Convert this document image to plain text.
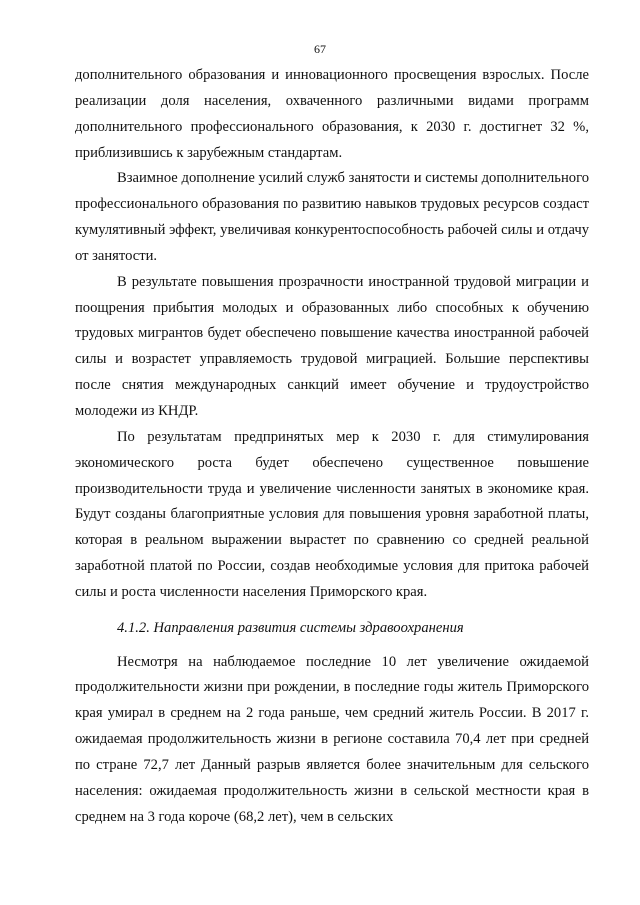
67

дополнительного образования и инновационного просвещения взрослых. После реализации доля населения, охваченного различными видами программ дополнительного профессионального образования, к 2030 г. достигнет 32 %, приблизившись к зарубежным стандартам.

Взаимное дополнение усилий служб занятости и системы дополнительного профессионального образования по развитию навыков трудовых ресурсов создаст кумулятивный эффект, увеличивая конкурентоспособность рабочей силы и отдачу от занятости.

В результате повышения прозрачности иностранной трудовой миграции и поощрения прибытия молодых и образованных либо способных к обучению трудовых мигрантов будет обеспечено повышение качества иностранной рабочей силы и возрастет управляемость трудовой миграцией. Большие перспективы после снятия международных санкций имеет обучение и трудоустройство молодежи из КНДР.

По результатам предпринятых мер к 2030 г. для стимулирования экономического роста будет обеспечено существенное повышение производительности труда и увеличение численности занятых в экономике края. Будут созданы благоприятные условия для повышения уровня заработной платы, которая в реальном выражении вырастет по сравнению со средней реальной заработной платой по России, создав необходимые условия для притока рабочей силы и роста численности населения Приморского края.

4.1.2. Направления развития системы здравоохранения

Несмотря на наблюдаемое последние 10 лет увеличение ожидаемой продолжительности жизни при рождении, в последние годы житель Приморского края умирал в среднем на 2 года раньше, чем средний житель России. В 2017 г. ожидаемая продолжительность жизни в регионе составила 70,4 лет при средней по стране 72,7 лет Данный разрыв является более значительным для сельского населения: ожидаемая продолжительность жизни в сельской местности края в среднем на 3 года короче (68,2 лет), чем в сельских
